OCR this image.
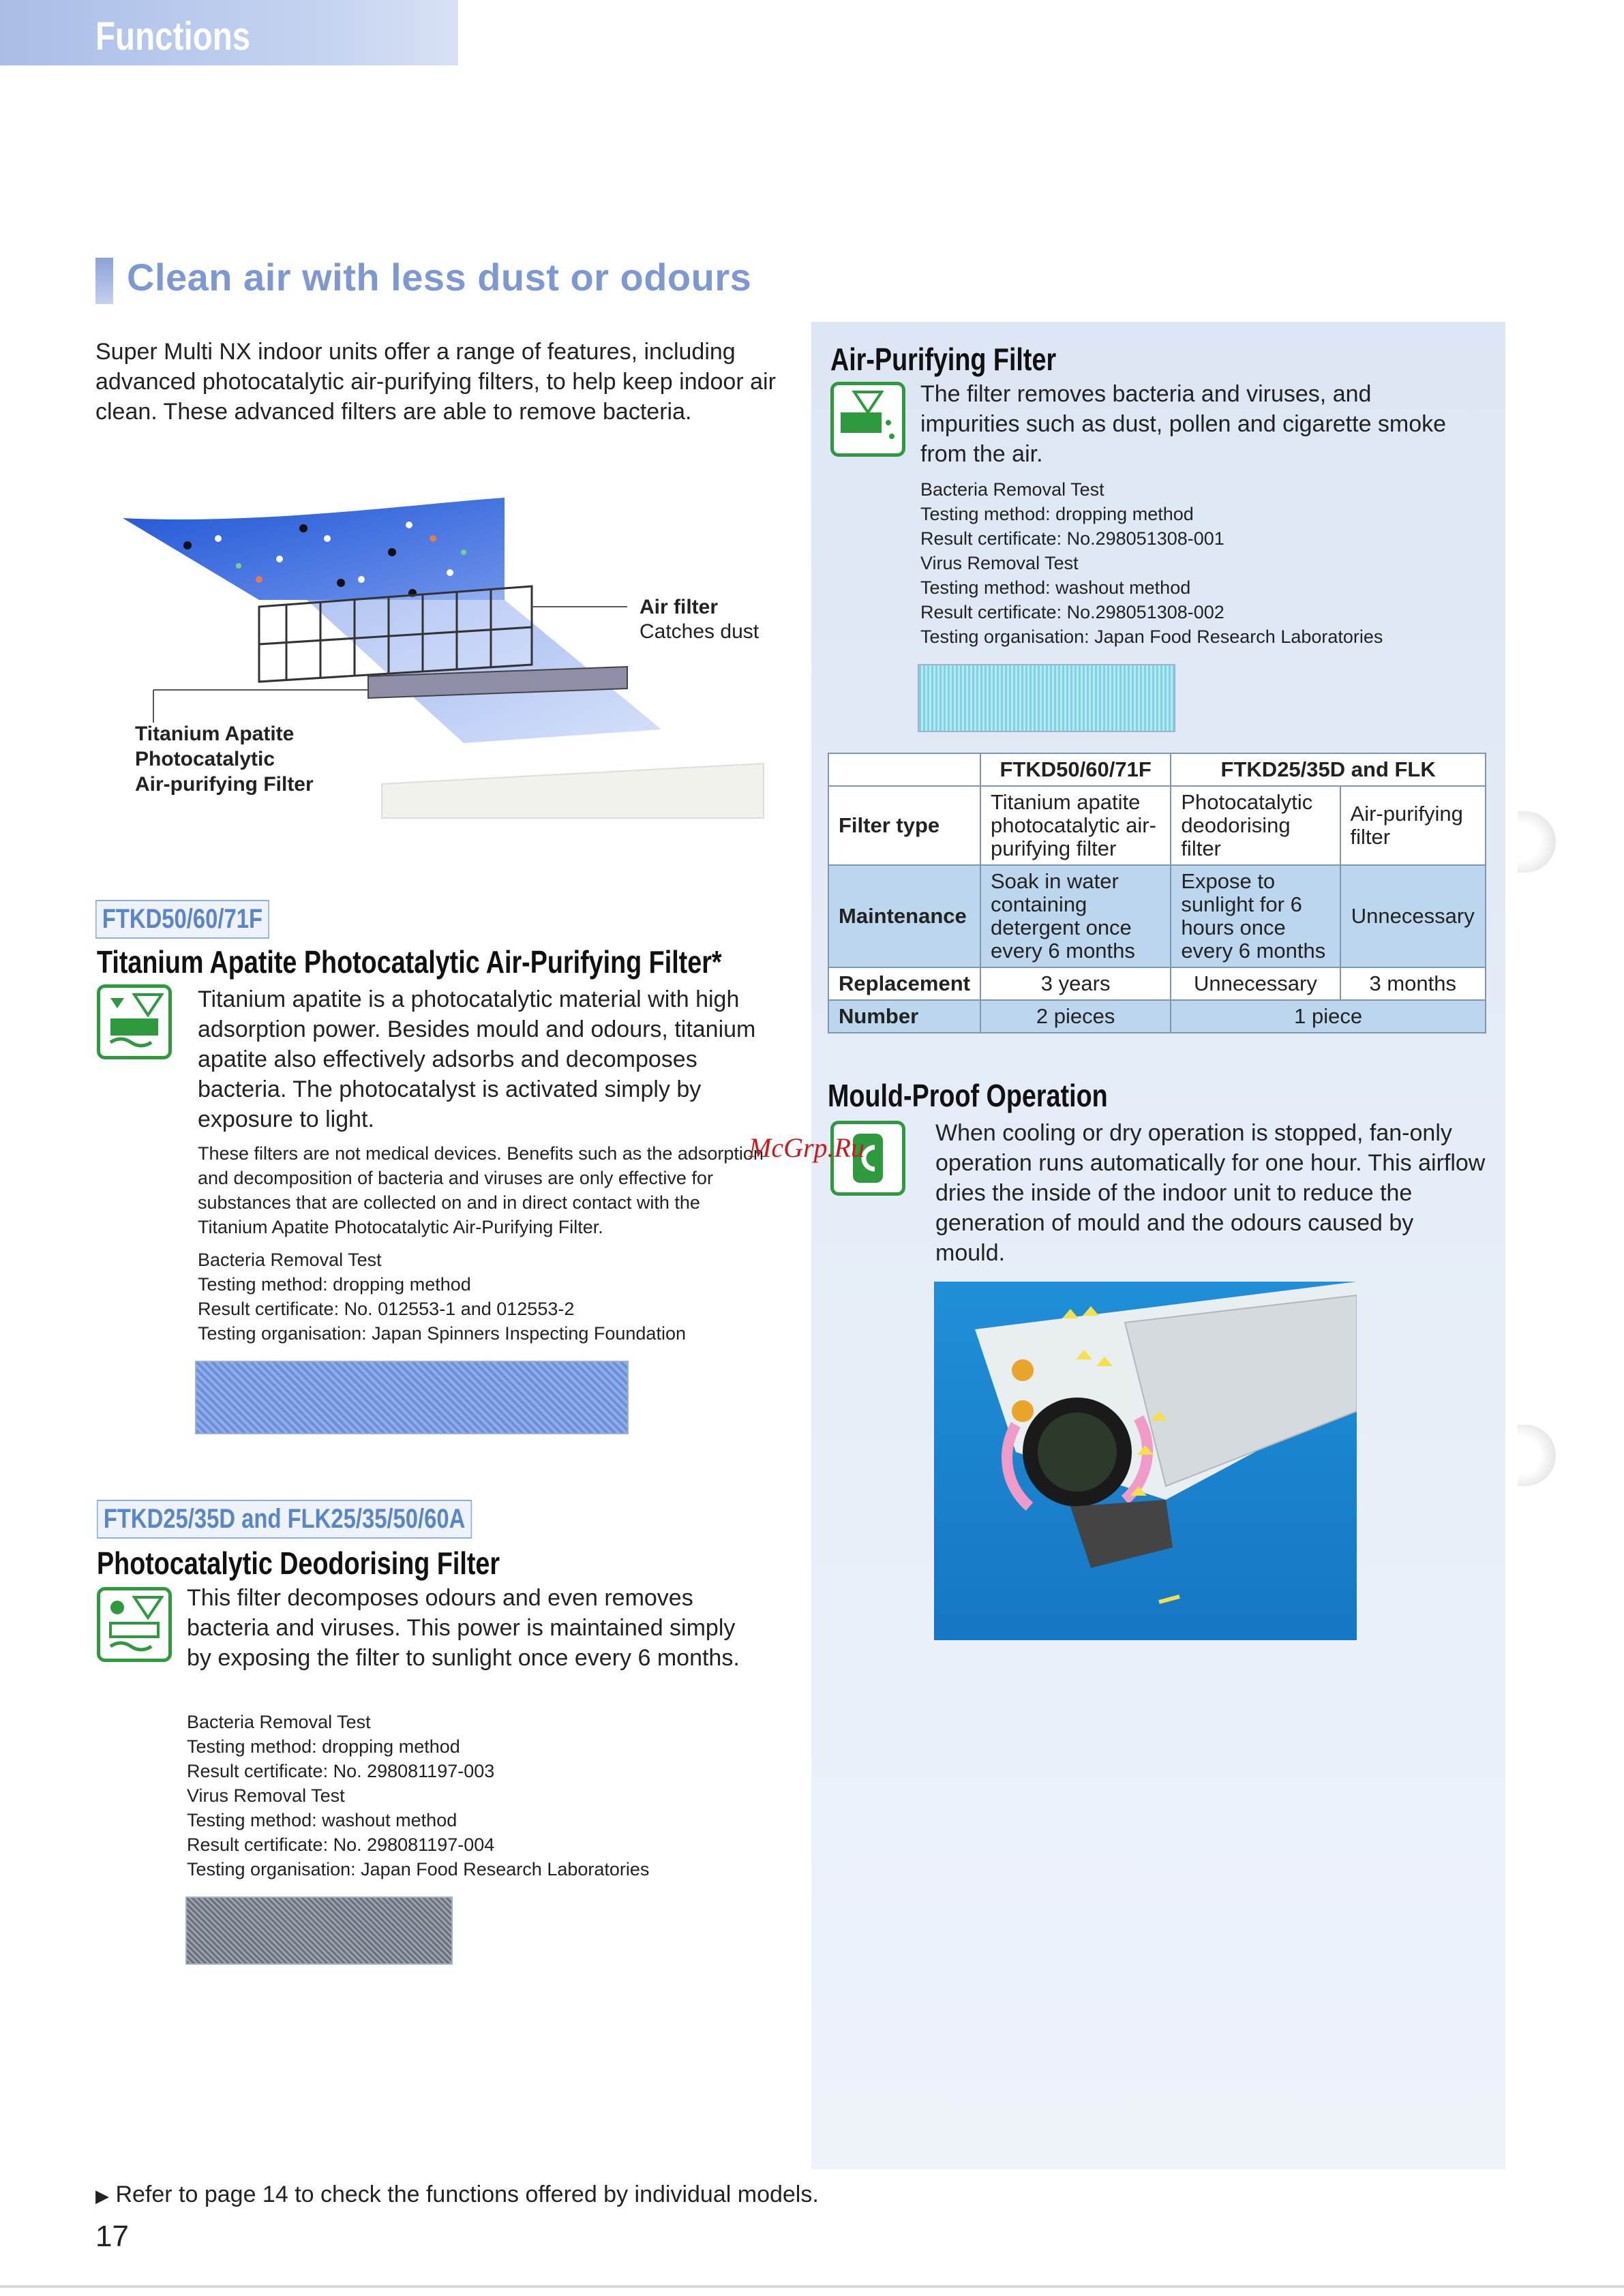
Functions
Clean air with less dust or odours
Super Multi NX indoor units offer a range of features, including advanced photocatalytic air-purifying filters, to help keep indoor air clean. These advanced filters are able to remove bacteria.
Air filter
Catches dust
Titanium Apatite
Photocatalytic
Air-purifying Filter
FTKD50/60/71F
Titanium Apatite Photocatalytic Air-Purifying Filter*
Titanium apatite is a photocatalytic material with high adsorption power. Besides mould and odours, titanium apatite also effectively adsorbs and decomposes bacteria. The photocatalyst is activated simply by exposure to light.
These filters are not medical devices. Benefits such as the adsorption and decomposition of bacteria and viruses are only effective for substances that are collected on and in direct contact with the Titanium Apatite Photocatalytic Air-Purifying Filter.
Bacteria Removal Test
Testing method: dropping method
Result certificate: No. 012553-1 and 012553-2
Testing organisation: Japan Spinners Inspecting Foundation
FTKD25/35D and FLK25/35/50/60A
Photocatalytic Deodorising Filter
This filter decomposes odours and even removes bacteria and viruses. This power is maintained simply by exposing the filter to sunlight once every 6 months.
Bacteria Removal Test
Testing method: dropping method
Result certificate: No. 298081197-003
Virus Removal Test
Testing method: washout method
Result certificate: No. 298081197-004
Testing organisation: Japan Food Research Laboratories
Air-Purifying Filter
The filter removes bacteria and viruses, and impurities such as dust, pollen and cigarette smoke from the air.
Bacteria Removal Test
Testing method: dropping method
Result certificate: No.298051308-001
Virus Removal Test
Testing method: washout method
Result certificate: No.298051308-002
Testing organisation: Japan Food Research Laboratories
	FTKD50/60/71F	FTKD25/35D and FLK	
Filter type	Titanium apatite photocatalytic air-purifying filter	Photocatalytic deodorising filter	Air-purifying filter
Maintenance	Soak in water containing detergent once every 6 months	Expose to sunlight for 6 hours once every 6 months	Unnecessary
Replacement	3 years	Unnecessary	3 months
Number	2 pieces	1 piece	
Mould-Proof Operation
When cooling or dry operation is stopped, fan-only operation runs automatically for one hour. This airflow dries the inside of the indoor unit to reduce the generation of mould and the odours caused by mould.
McGrp.Ru
▶ Refer to page 14 to check the functions offered by individual models.
17
